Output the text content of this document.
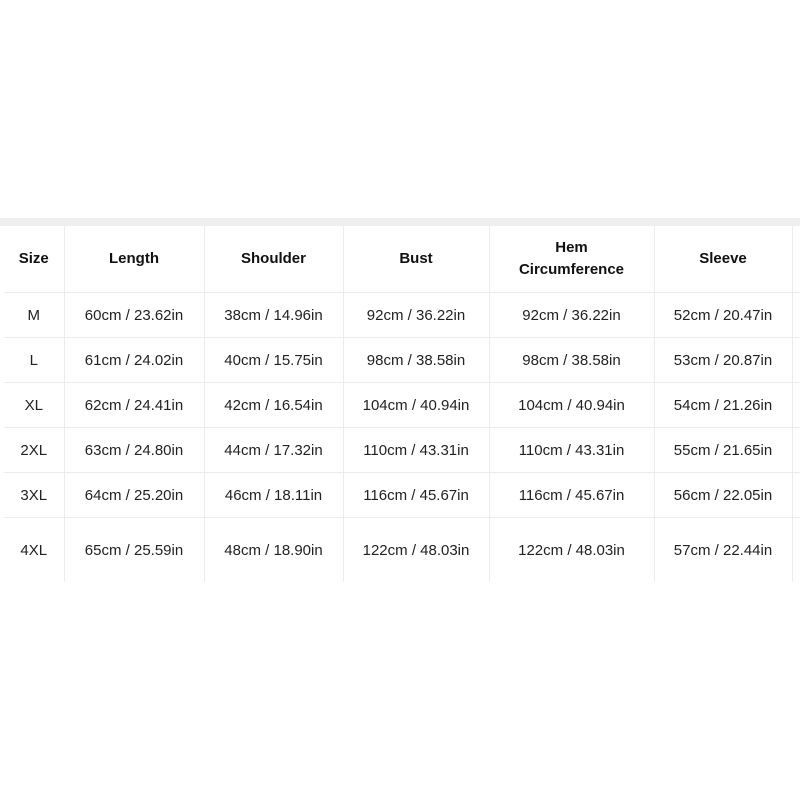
Size	Length	Shoulder	Bust	Hem Circumference	Sleeve	
M	60cm / 23.62in	38cm / 14.96in	92cm / 36.22in	92cm / 36.22in	52cm / 20.47in	
L	61cm / 24.02in	40cm / 15.75in	98cm / 38.58in	98cm / 38.58in	53cm / 20.87in	
XL	62cm / 24.41in	42cm / 16.54in	104cm / 40.94in	104cm / 40.94in	54cm / 21.26in	
2XL	63cm / 24.80in	44cm / 17.32in	110cm / 43.31in	110cm / 43.31in	55cm / 21.65in	
3XL	64cm / 25.20in	46cm / 18.11in	116cm / 45.67in	116cm / 45.67in	56cm / 22.05in	
4XL	65cm / 25.59in	48cm / 18.90in	122cm / 48.03in	122cm / 48.03in	57cm / 22.44in	
